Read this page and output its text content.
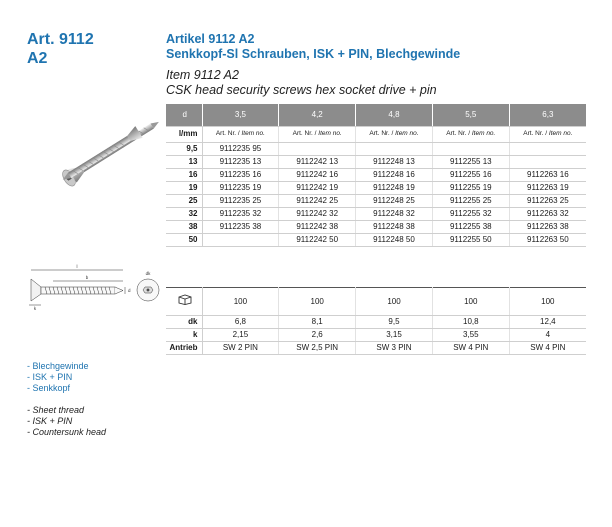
Art. 9112
A2
Artikel 9112 A2
Senkkopf-Sl Schrauben, ISK + PIN, Blechgewinde
Item 9112 A2
CSK head security screws hex socket drive + pin
l
b
d
k
dk
d	3,5	4,2	4,8	5,5	6,3
l/mm	Art. Nr. / Item no.	Art. Nr. / Item no.	Art. Nr. / Item no.	Art. Nr. / Item no.	Art. Nr. / Item no.
9,5	9112235 95				
13	9112235 13	9112242 13	9112248 13	9112255 13	
16	9112235 16	9112242 16	9112248 16	9112255 16	9112263 16
19	9112235 19	9112242 19	9112248 19	9112255 19	9112263 19
25	9112235 25	9112242 25	9112248 25	9112255 25	9112263 25
32	9112235 32	9112242 32	9112248 32	9112255 32	9112263 32
38	9112235 38	9112242 38	9112248 38	9112255 38	9112263 38
50		9112242 50	9112248 50	9112255 50	9112263 50
	100	100	100	100	100
dk	6,8	8,1	9,5	10,8	12,4
k	2,15	2,6	3,15	3,55	4
Antrieb	SW 2 PIN	SW 2,5 PIN	SW 3 PIN	SW 4 PIN	SW 4 PIN
- Blechgewinde
- ISK + PIN
- Senkkopf
- Sheet thread
- ISK + PIN
- Countersunk head
